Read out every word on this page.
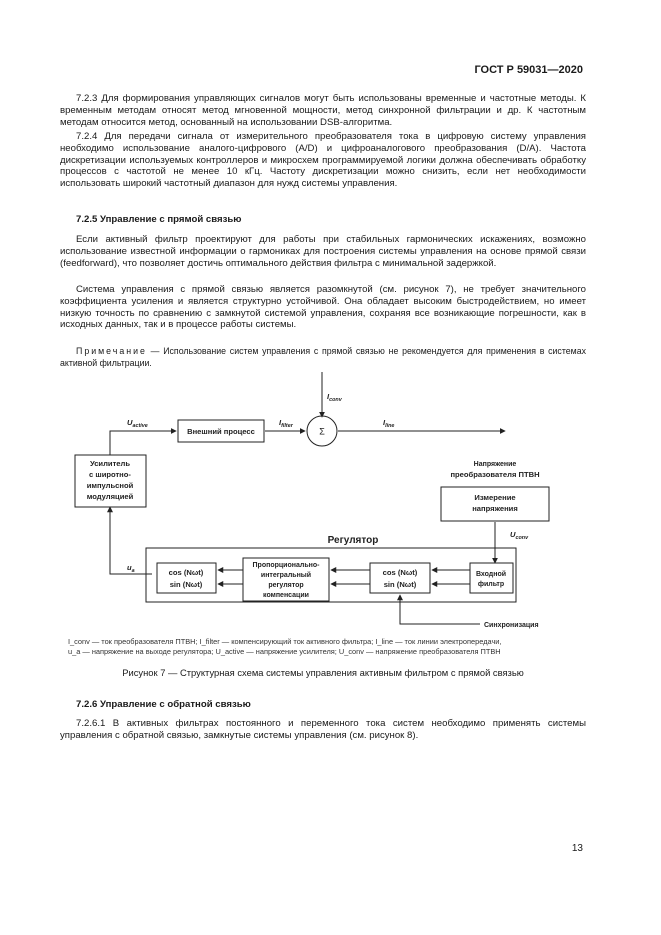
ГОСТ Р 59031—2020
7.2.3 Для формирования управляющих сигналов могут быть использованы временные и частотные методы. К временным методам относят метод мгновенной мощности, метод синхронной фильтрации и др. К частотным методам относится метод, основанный на использовании DSB-алгоритма.
7.2.4 Для передачи сигнала от измерительного преобразователя тока в цифровую систему управления необходимо использование аналого-цифрового (A/D) и цифроаналогового преобразования (D/A). Частота дискретизации используемых контроллеров и микросхем программируемой логики должна обеспечивать обработку процессов с частотой не менее 10 кГц. Частоту дискретизации можно снизить, если нет необходимости использовать широкий частотный диапазон для нужд системы управления.
7.2.5 Управление с прямой связью
Если активный фильтр проектируют для работы при стабильных гармонических искажениях, возможно использование известной информации о гармониках для построения системы управления на основе прямой связи (feedforward), что позволяет достичь оптимального действия фильтра с минимальной задержкой.
Система управления с прямой связью является разомкнутой (см. рисунок 7), не требует значительного коэффициента усиления и является структурно устойчивой. Она обладает высоким быстродействием, но имеет низкую точность по сравнению с замкнутой системой управления, сохраняя все возникающие погрешности, как в исходных данных, так и в процессе работы системы.
Примечание — Использование систем управления с прямой связью не рекомендуется для применения в системах активной фильтрации.
$I_{conv}$
$U_{active}$	$I_{filter}$	$I_{line}$
$U_{conv}$
$u_a$
Σ
Внешний процесс
Усилитель
с широтно-
импульсной
модуляцией
Напряжение
преобразователя ПТВН
Измерение
напряжения
Регулятор
Входной
фильтр
cos (Nωt)
sin (Nωt)
Пропорционально-
интегральный
регулятор
компенсации
cos (Nωt)
sin (Nωt)
Синхронизация
I_conv — ток преобразователя ПТВН; I_filter — компенсирующий ток активного фильтра; I_line — ток линии электропередачи,
u_a — напряжение на выходе регулятора; U_active — напряжение усилителя; U_conv — напряжение преобразователя ПТВН
Рисунок 7 — Структурная схема системы управления активным фильтром с прямой связью
7.2.6 Управление с обратной связью
7.2.6.1 В активных фильтрах постоянного и переменного тока систем необходимо применять системы управления с обратной связью, замкнутые системы управления (см. рисунок 8).
13
